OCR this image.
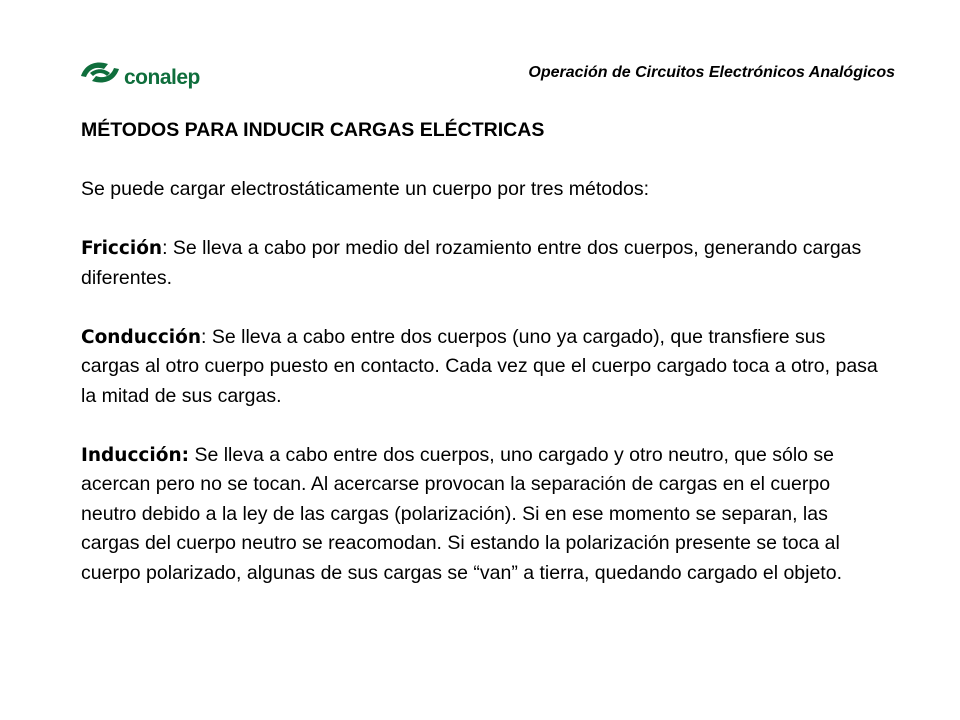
conalep	Operación de Circuitos Electrónicos Analógicos

MÉTODOS PARA INDUCIR CARGAS ELÉCTRICAS

Se puede cargar electrostáticamente un cuerpo por tres métodos:

Fricción: Se lleva a cabo por medio del rozamiento entre dos cuerpos, generando cargas diferentes.

Conducción: Se lleva a cabo entre dos cuerpos (uno ya cargado), que transfiere sus cargas al otro cuerpo puesto en contacto. Cada vez que el cuerpo cargado toca a otro, pasa la mitad de sus cargas.

Inducción: Se lleva a cabo entre dos cuerpos, uno cargado y otro neutro, que sólo se acercan pero no se tocan. Al acercarse provocan la separación de cargas en el cuerpo neutro debido a la ley de las cargas (polarización). Si en ese momento se separan, las cargas del cuerpo neutro se reacomodan. Si estando la polarización presente se toca al cuerpo polarizado, algunas de sus cargas se “van” a tierra, quedando cargado el objeto.
